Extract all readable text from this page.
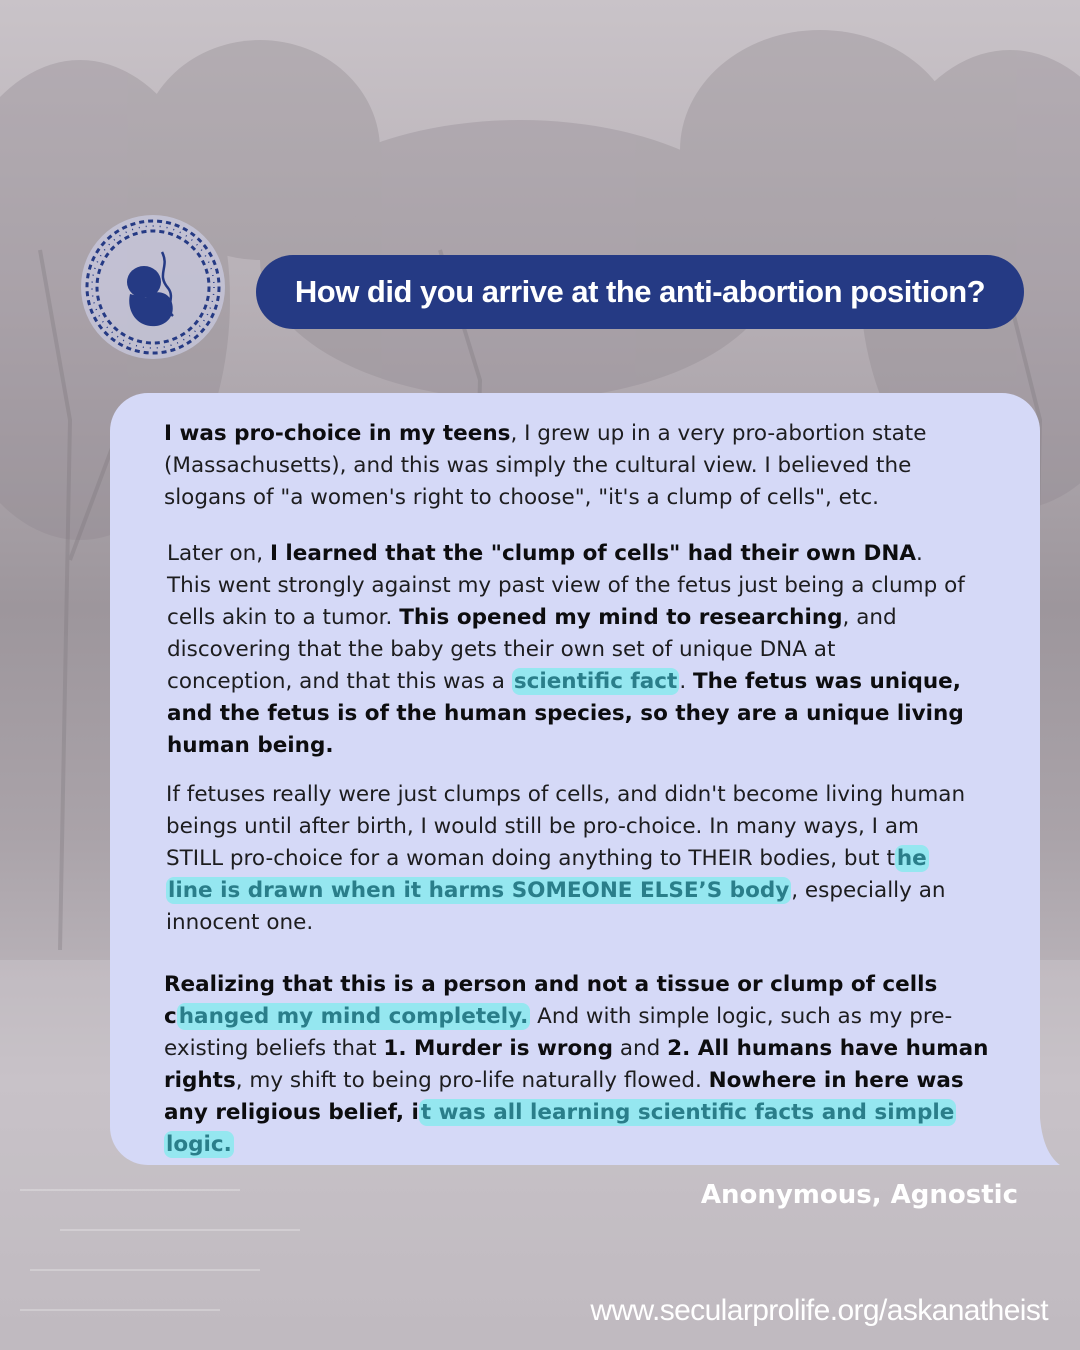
How did you arrive at the anti-abortion position?
I was pro-choice in my teens, I grew up in a very pro-abortion state (Massachusetts), and this was simply the cultural view. I believed the slogans of "a women's right to choose", "it's a clump of cells", etc.
Later on, I learned that the "clump of cells" had their own DNA. This went strongly against my past view of the fetus just being a clump of cells akin to a tumor. This opened my mind to researching, and discovering that the baby gets their own set of unique DNA at conception, and that this was a scientific fact. The fetus was unique, and the fetus is of the human species, so they are a unique living human being.
If fetuses really were just clumps of cells, and didn't become living human beings until after birth, I would still be pro-choice. In many ways, I am STILL pro-choice for a woman doing anything to THEIR bodies, but the line is drawn when it harms SOMEONE ELSE’S body, especially an innocent one.
Realizing that this is a person and not a tissue or clump of cells changed my mind completely. And with simple logic, such as my pre-existing beliefs that 1. Murder is wrong and 2. All humans have human rights, my shift to being pro-life naturally flowed. Nowhere in here was any religious belief, it was all learning scientific facts and simple logic.
Anonymous, Agnostic
www.secularprolife.org/askanatheist
